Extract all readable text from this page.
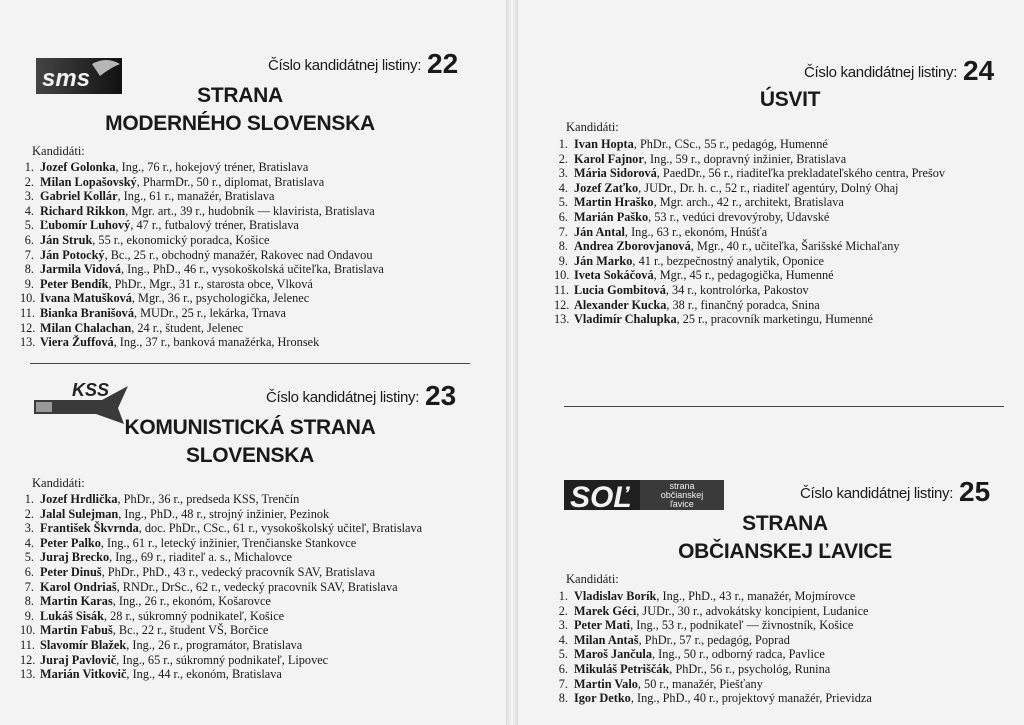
sms	Číslo kandidátnej listiny: 22
STRANA
MODERNÉHO SLOVENSKA
Kandidáti:
1. Jozef Golonka, Ing., 76 r., hokejový tréner, Bratislava
2. Milan Lopašovský, PharmDr., 50 r., diplomat, Bratislava
3. Gabriel Kollár, Ing., 61 r., manažér, Bratislava
4. Richard Rikkon, Mgr. art., 39 r., hudobník — klavirista, Bratislava
5. Ľubomír Luhový, 47 r., futbalový tréner, Bratislava
6. Ján Struk, 55 r., ekonomický poradca, Košice
7. Ján Potocký, Bc., 25 r., obchodný manažér, Rakovec nad Ondavou
8. Jarmila Vidová, Ing., PhD., 46 r., vysokoškolská učiteľka, Bratislava
9. Peter Bendík, PhDr., Mgr., 31 r., starosta obce, Vlková
10. Ivana Matušková, Mgr., 36 r., psychologička, Jelenec
11. Bianka Branišová, MUDr., 25 r., lekárka, Trnava
12. Milan Chalachan, 24 r., študent, Jelenec
13. Viera Žuffová, Ing., 37 r., banková manažérka, Hronsek
KSS	Číslo kandidátnej listiny: 23
KOMUNISTICKÁ STRANA
SLOVENSKA
Kandidáti:
1. Jozef Hrdlička, PhDr., 36 r., predseda KSS, Trenčín
2. Jalal Sulejman, Ing., PhD., 48 r., strojný inžinier, Pezinok
3. František Škvrnda, doc. PhDr., CSc., 61 r., vysokoškolský učiteľ, Bratislava
4. Peter Palko, Ing., 61 r., letecký inžinier, Trenčianske Stankovce
5. Juraj Brecko, Ing., 69 r., riaditeľ a. s., Michalovce
6. Peter Dinuš, PhDr., PhD., 43 r., vedecký pracovník SAV, Bratislava
7. Karol Ondriaš, RNDr., DrSc., 62 r., vedecký pracovník SAV, Bratislava
8. Martin Karas, Ing., 26 r., ekonóm, Košarovce
9. Lukáš Sisák, 28 r., súkromný podnikateľ, Košice
10. Martin Fabuš, Bc., 22 r., študent VŠ, Borčice
11. Slavomír Blažek, Ing., 26 r., programátor, Bratislava
12. Juraj Pavlovič, Ing., 65 r., súkromný podnikateľ, Lipovec
13. Marián Vitkovič, Ing., 44 r., ekonóm, Bratislava
Číslo kandidátnej listiny: 24
ÚSVIT
Kandidáti:
1. Ivan Hopta, PhDr., CSc., 55 r., pedagóg, Humenné
2. Karol Fajnor, Ing., 59 r., dopravný inžinier, Bratislava
3. Mária Sidorová, PaedDr., 56 r., riaditeľka prekladateľského centra, Prešov
4. Jozef Zaťko, JUDr., Dr. h. c., 52 r., riaditeľ agentúry, Dolný Ohaj
5. Martin Hraško, Mgr. arch., 42 r., architekt, Bratislava
6. Marián Paško, 53 r., vedúci drevovýroby, Udavské
7. Ján Antal, Ing., 63 r., ekonóm, Hnúšťa
8. Andrea Zborovjanová, Mgr., 40 r., učiteľka, Šarišské Michaľany
9. Ján Marko, 41 r., bezpečnostný analytik, Oponice
10. Iveta Sokáčová, Mgr., 45 r., pedagogička, Humenné
11. Lucia Gombitová, 34 r., kontrolórka, Pakostov
12. Alexander Kucka, 38 r., finančný poradca, Snina
13. Vladimír Chalupka, 25 r., pracovník marketingu, Humenné
SOĽ	strana
občianskej
ľavice
Číslo kandidátnej listiny: 25
STRANA
OBČIANSKEJ ĽAVICE
Kandidáti:
1. Vladislav Borík, Ing., PhD., 43 r., manažér, Mojmírovce
2. Marek Géci, JUDr., 30 r., advokátsky koncipient, Ludanice
3. Peter Mati, Ing., 53 r., podnikateľ — živnostník, Košice
4. Milan Antaš, PhDr., 57 r., pedagóg, Poprad
5. Maroš Jančula, Ing., 50 r., odborný radca, Pavlice
6. Mikuláš Petriščák, PhDr., 56 r., psychológ, Runina
7. Martin Valo, 50 r., manažér, Piešťany
8. Igor Detko, Ing., PhD., 40 r., projektový manažér, Prievidza
